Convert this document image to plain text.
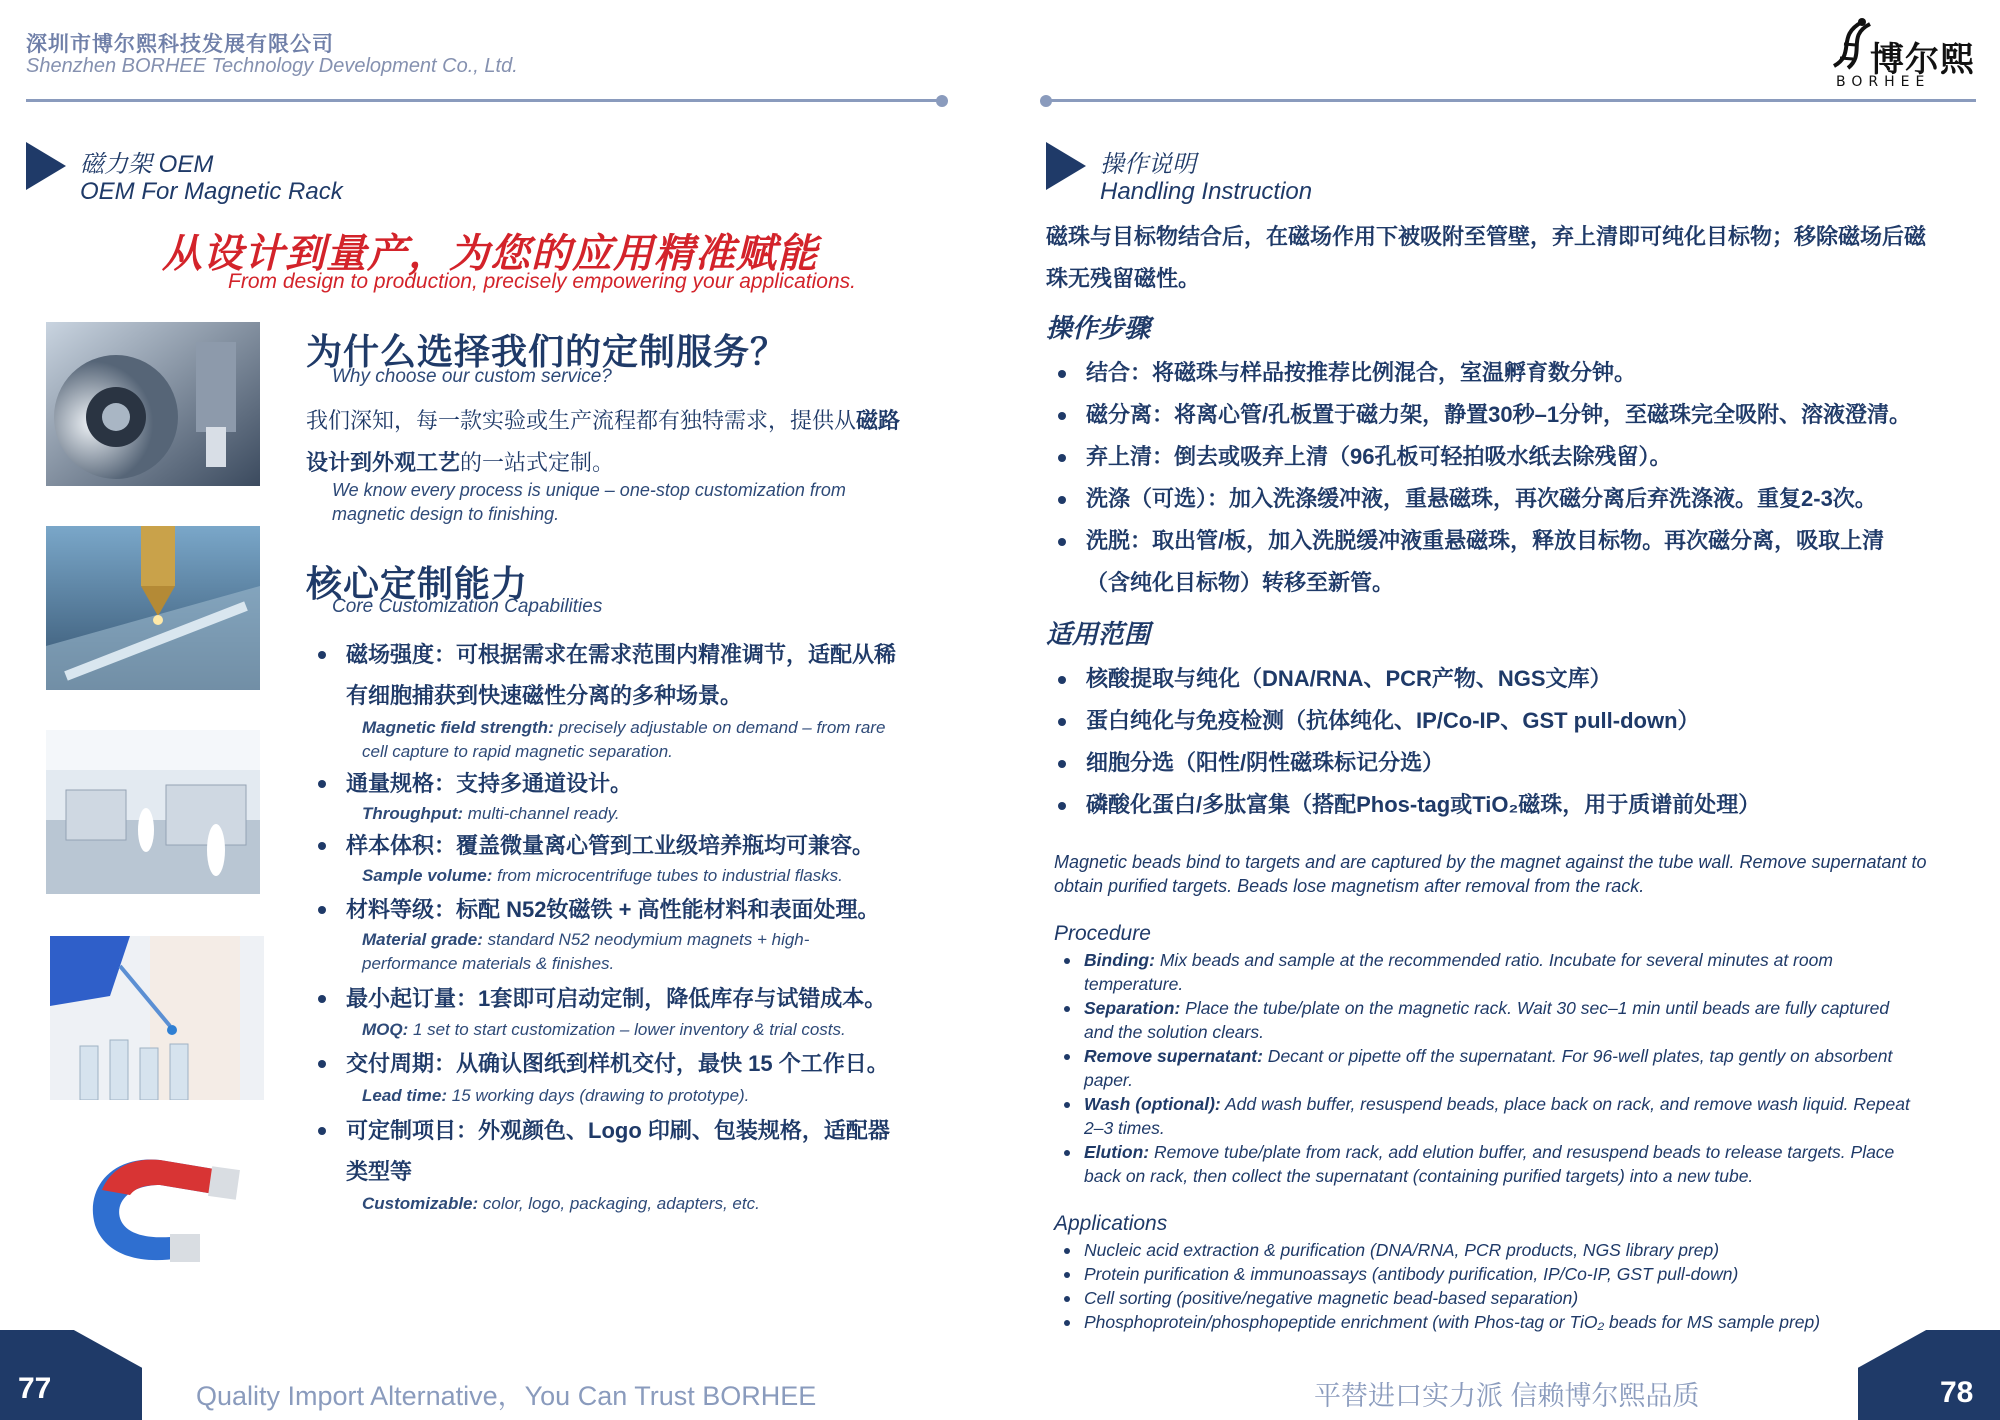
深圳市博尔熙科技发展有限公司
Shenzhen BORHEE Technology Development Co., Ltd.	博尔熙
BORHEE
磁力架 OEM
OEM For Magnetic Rack
从设计到量产，为您的应用精准赋能
From design to production, precisely empowering your applications.
为什么选择我们的定制服务？
Why choose our custom service?
我们深知，每一款实验或生产流程都有独特需求，提供从磁路
设计到外观工艺的一站式定制。
We know every process is unique – one-stop customization from
magnetic design to finishing.
核心定制能力
Core Customization Capabilities
磁场强度：可根据需求在需求范围内精准调节，适配从稀
有细胞捕获到快速磁性分离的多种场景。
Magnetic field strength: precisely adjustable on demand – from rare
cell capture to rapid magnetic separation.
通量规格：支持多通道设计。
Throughput: multi-channel ready.
样本体积：覆盖微量离心管到工业级培养瓶均可兼容。
Sample volume: from microcentrifuge tubes to industrial flasks.
材料等级：标配 N52钕磁铁 + 高性能材料和表面处理。
Material grade: standard N52 neodymium magnets + high-
performance materials & finishes.
最小起订量：1套即可启动定制，降低库存与试错成本。
MOQ: 1 set to start customization – lower inventory & trial costs.
交付周期：从确认图纸到样机交付，最快 15 个工作日。
Lead time: 15 working days (drawing to prototype).
可定制项目：外观颜色、Logo 印刷、包装规格，适配器
类型等
Customizable: color, logo, packaging, adapters, etc.
操作说明
Handling Instruction
磁珠与目标物结合后，在磁场作用下被吸附至管壁，弃上清即可纯化目标物；移除磁场后磁
珠无残留磁性。
操作步骤
结合：将磁珠与样品按推荐比例混合，室温孵育数分钟。
磁分离：将离心管/孔板置于磁力架，静置30秒–1分钟，至磁珠完全吸附、溶液澄清。
弃上清：倒去或吸弃上清（96孔板可轻拍吸水纸去除残留）。
洗涤（可选）：加入洗涤缓冲液，重悬磁珠，再次磁分离后弃洗涤液。重复2-3次。
洗脱：取出管/板，加入洗脱缓冲液重悬磁珠，释放目标物。再次磁分离，吸取上清
（含纯化目标物）转移至新管。
适用范围
核酸提取与纯化（DNA/RNA、PCR产物、NGS文库）
蛋白纯化与免疫检测（抗体纯化、IP/Co-IP、GST pull-down）
细胞分选（阳性/阴性磁珠标记分选）
磷酸化蛋白/多肽富集（搭配Phos-tag或TiO₂磁珠，用于质谱前处理）
Magnetic beads bind to targets and are captured by the magnet against the tube wall. Remove supernatant to
obtain purified targets. Beads lose magnetism after removal from the rack.
Procedure
Binding: Mix beads and sample at the recommended ratio. Incubate for several minutes at room
temperature.
Separation: Place the tube/plate on the magnetic rack. Wait 30 sec–1 min until beads are fully captured
and the solution clears.
Remove supernatant: Decant or pipette off the supernatant. For 96-well plates, tap gently on absorbent
paper.
Wash (optional): Add wash buffer, resuspend beads, place back on rack, and remove wash liquid. Repeat
2–3 times.
Elution: Remove tube/plate from rack, add elution buffer, and resuspend beads to release targets. Place
back on rack, then collect the supernatant (containing purified targets) into a new tube.
Applications
Nucleic acid extraction & purification (DNA/RNA, PCR products, NGS library prep)
Protein purification & immunoassays (antibody purification, IP/Co-IP, GST pull-down)
Cell sorting (positive/negative magnetic bead-based separation)
Phosphoprotein/phosphopeptide enrichment (with Phos-tag or TiO₂ beads for MS sample prep)
77	Quality Import Alternative，You Can Trust BORHEE	平替进口实力派 信赖博尔熙品质	78
